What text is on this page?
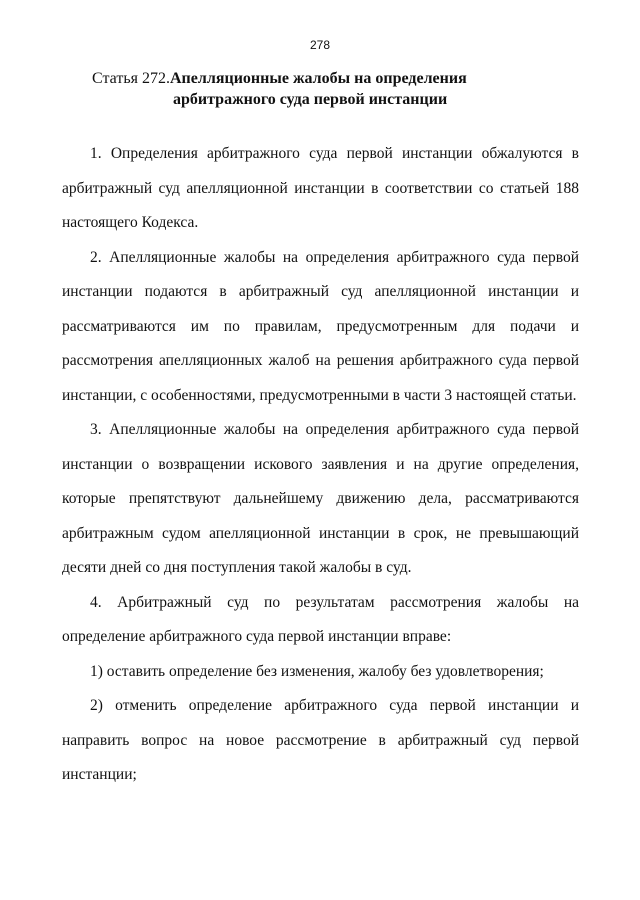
278
Статья 272. Апелляционные жалобы на определения
арбитражного суда первой инстанции

1. Определения арбитражного суда первой инстанции обжалуются в арбитражный суд апелляционной инстанции в соответствии со статьей 188 настоящего Кодекса.

2. Апелляционные жалобы на определения арбитражного суда первой инстанции подаются в арбитражный суд апелляционной инстанции и рассматриваются им по правилам, предусмотренным для подачи и рассмотрения апелляционных жалоб на решения арбитражного суда первой инстанции, с особенностями, предусмотренными в части 3 настоящей статьи.

3. Апелляционные жалобы на определения арбитражного суда первой инстанции о возвращении искового заявления и на другие определения, которые препятствуют дальнейшему движению дела, рассматриваются арбитражным судом апелляционной инстанции в срок, не превышающий десяти дней со дня поступления такой жалобы в суд.

4. Арбитражный суд по результатам рассмотрения жалобы на определение арбитражного суда первой инстанции вправе:

1) оставить определение без изменения, жалобу без удовлетворения;

2) отменить определение арбитражного суда первой инстанции и направить вопрос на новое рассмотрение в арбитражный суд первой инстанции;
